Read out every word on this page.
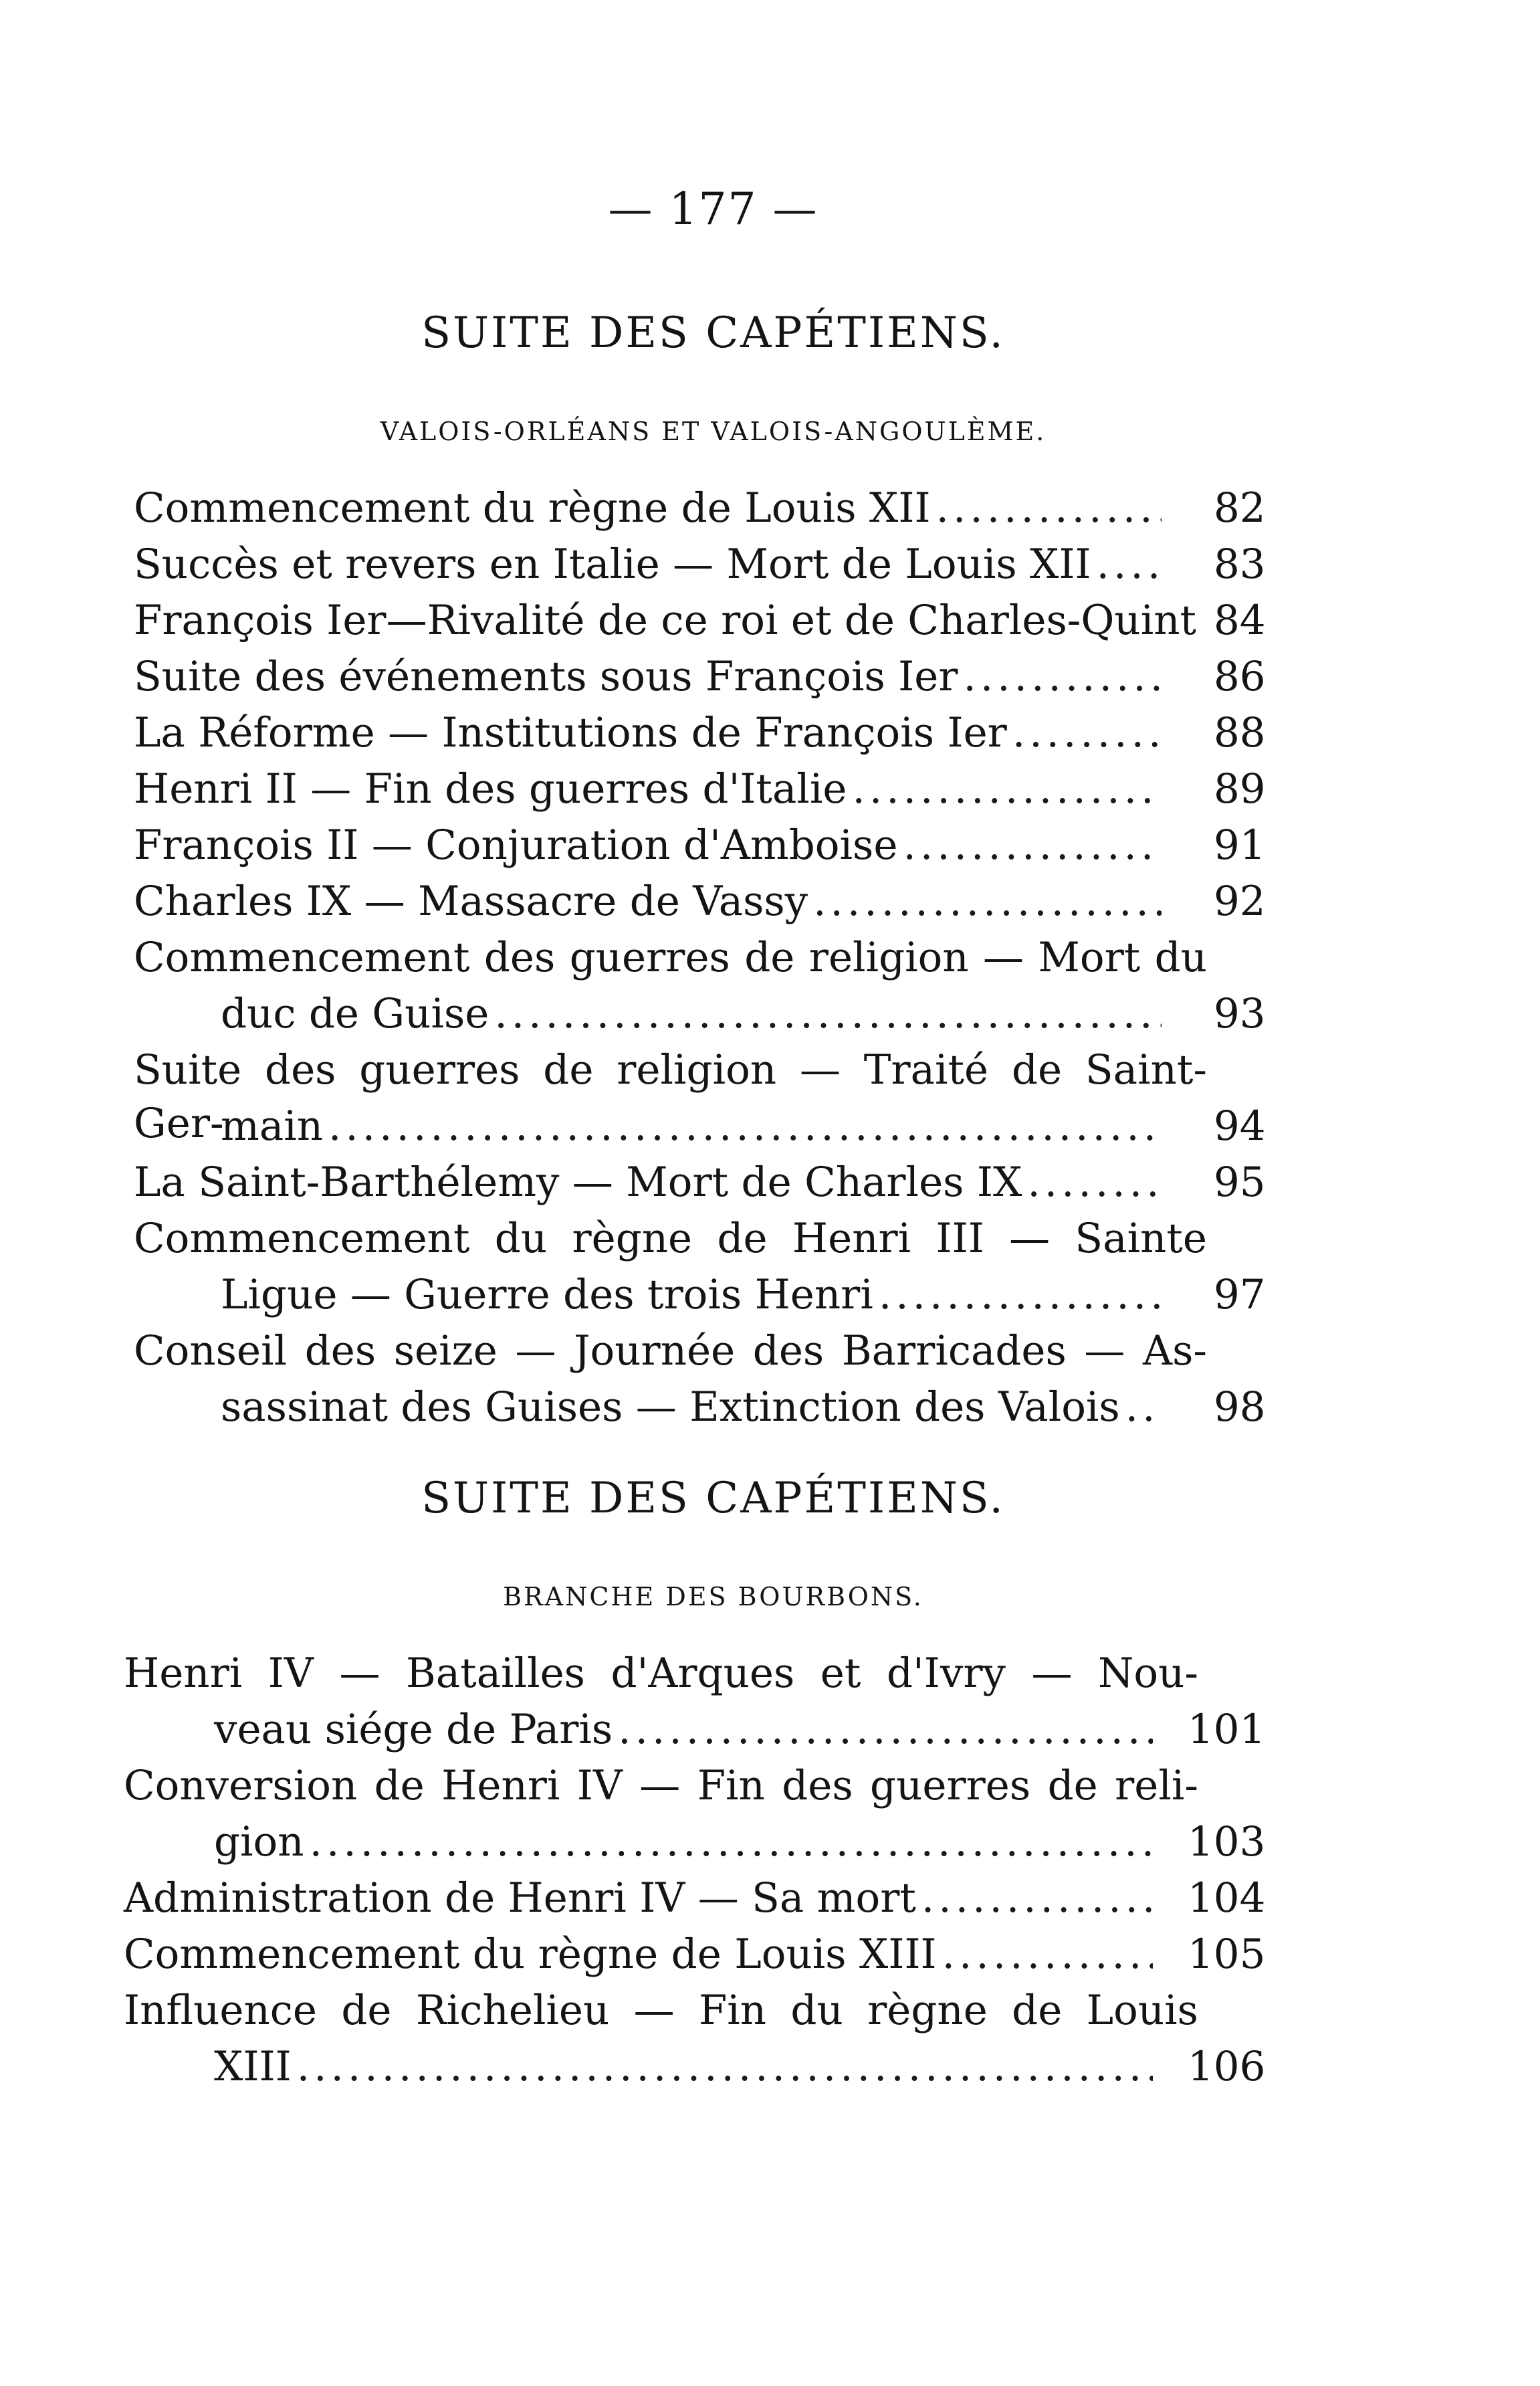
— 177 —
SUITE DES CAPÉTIENS.
VALOIS-ORLÉANS ET VALOIS-ANGOULÈME.
82
Commencement du règne de Louis XII
.....
83
Succès et revers en Italie — Mort de Louis XII
.....
84
François Ier—Rivalité de ce roi et de Charles-Quint
86
Suite des événements sous François Ier
.....
88
La Réforme — Institutions de François Ier
.....
89
Henri II — Fin des guerres d'Italie
.....
91
François II — Conjuration d'Amboise
.....
92
Charles IX — Massacre de Vassy
.....
Commencement des guerres de religion — Mort du
93
duc de Guise
.....
Suite des guerres de religion — Traité de Saint-Ger-	94
main
.....
95
La Saint-Barthélemy — Mort de Charles IX
.....
Commencement du règne de Henri III — Sainte
97
Ligue — Guerre des trois Henri
.....
Conseil des seize — Journée des Barricades — As-
98
sassinat des Guises — Extinction des Valois
.....
SUITE DES CAPÉTIENS.
BRANCHE DES BOURBONS.
Henri IV — Batailles d'Arques et d'Ivry — Nou-
101
veau siége de Paris
.....
Conversion de Henri IV — Fin des guerres de reli-
103
gion
.....
104
Administration de Henri IV — Sa mort
.....
105
Commencement du règne de Louis XIII
.....
Influence de Richelieu — Fin du règne de Louis
106
XIII
.....
